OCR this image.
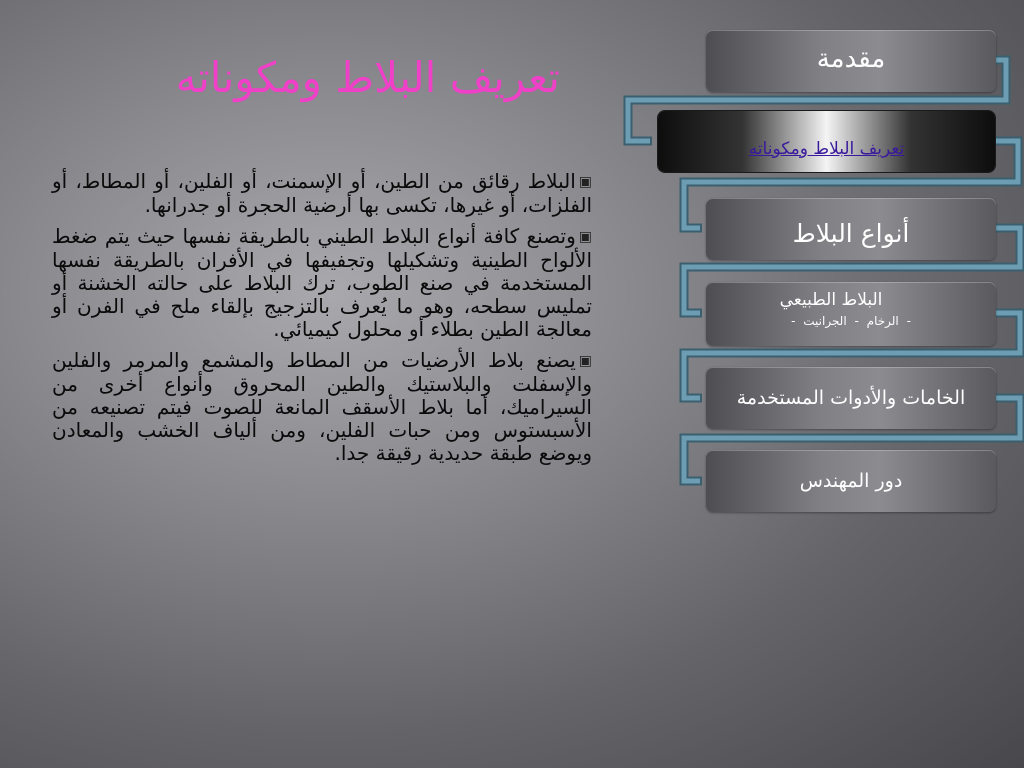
تعريف البلاط ومكوناته

▣البلاط رقائق من الطين، أو الإسمنت، أو الفلين، أو المطاط، أو الفلزات، أو غيرها، تكسى بها أرضية الحجرة أو جدرانها.

▣وتصنع كافة أنواع البلاط الطيني بالطريقة نفسها حيث يتم ضغط الألواح الطينية وتشكيلها وتجفيفها في الأفران بالطريقة نفسها المستخدمة في صنع الطوب، ترك البلاط على حالته الخشنة أو تمليس سطحه، وهو ما يُعرف بالتزجيج بإلقاء ملح في الفرن أو معالجة الطين بطلاء أو محلول كيميائي.

▣يصنع بلاط الأرضيات من المطاط والمشمع والمرمر والفلين والإسفلت والبلاستيك والطين المحروق وأنواع أخرى من السيراميك، أما بلاط الأسقف المانعة للصوت فيتم تصنيعه من الأسبستوس ومن حبات الفلين، ومن ألياف الخشب والمعادن ويوضع طبقة حديدية رقيقة جدا.

مقدمة
تعريف البلاط ومكوناته
أنواع البلاط
البلاط الطبيعي
- الرخام - الجرانيت -
الخامات والأدوات المستخدمة
دور المهندس
